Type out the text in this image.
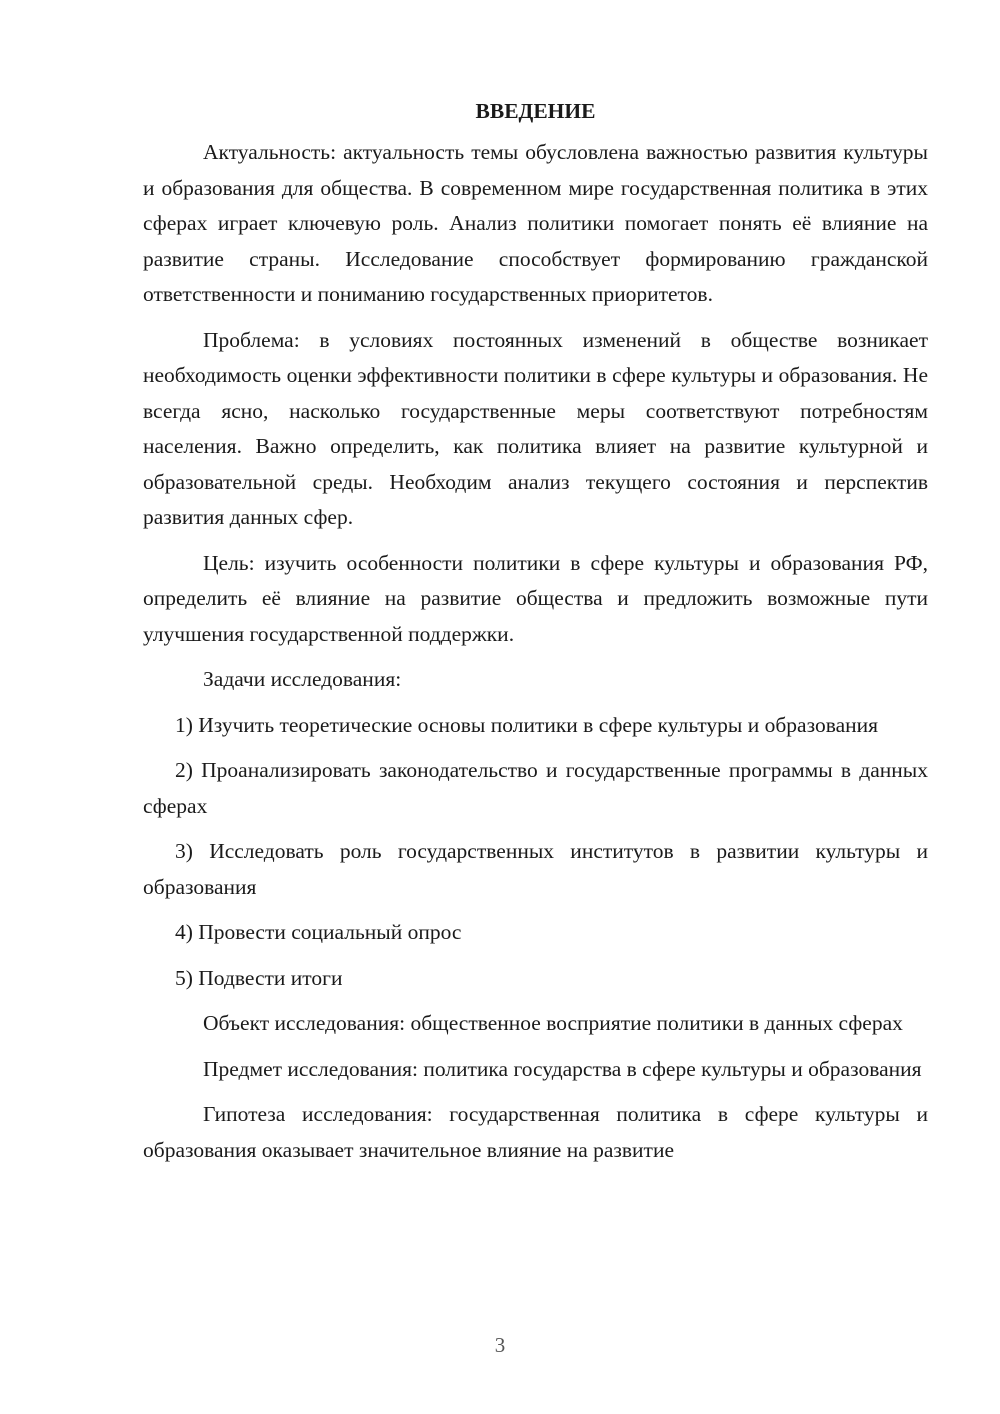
ВВЕДЕНИЕ

Актуальность: актуальность темы обусловлена важностью развития культуры и образования для общества. В современном мире государственная политика в этих сферах играет ключевую роль. Анализ политики помогает понять её влияние на развитие страны. Исследование способствует формированию гражданской ответственности и пониманию государственных приоритетов.

Проблема: в условиях постоянных изменений в обществе возникает необходимость оценки эффективности политики в сфере культуры и образования. Не всегда ясно, насколько государственные меры соответствуют потребностям населения. Важно определить, как политика влияет на развитие культурной и образовательной среды. Необходим анализ текущего состояния и перспектив развития данных сфер.

Цель: изучить особенности политики в сфере культуры и образования РФ, определить её влияние на развитие общества и предложить возможные пути улучшения государственной поддержки.

Задачи исследования:

1) Изучить теоретические основы политики в сфере культуры и образования

2) Проанализировать законодательство и государственные программы в данных сферах

3) Исследовать роль государственных институтов в развитии культуры и образования

4) Провести социальный опрос

5) Подвести итоги

Объект исследования: общественное восприятие политики в данных сферах

Предмет исследования: политика государства в сфере культуры и образования

Гипотеза исследования: государственная политика в сфере культуры и образования оказывает значительное влияние на развитие

3
